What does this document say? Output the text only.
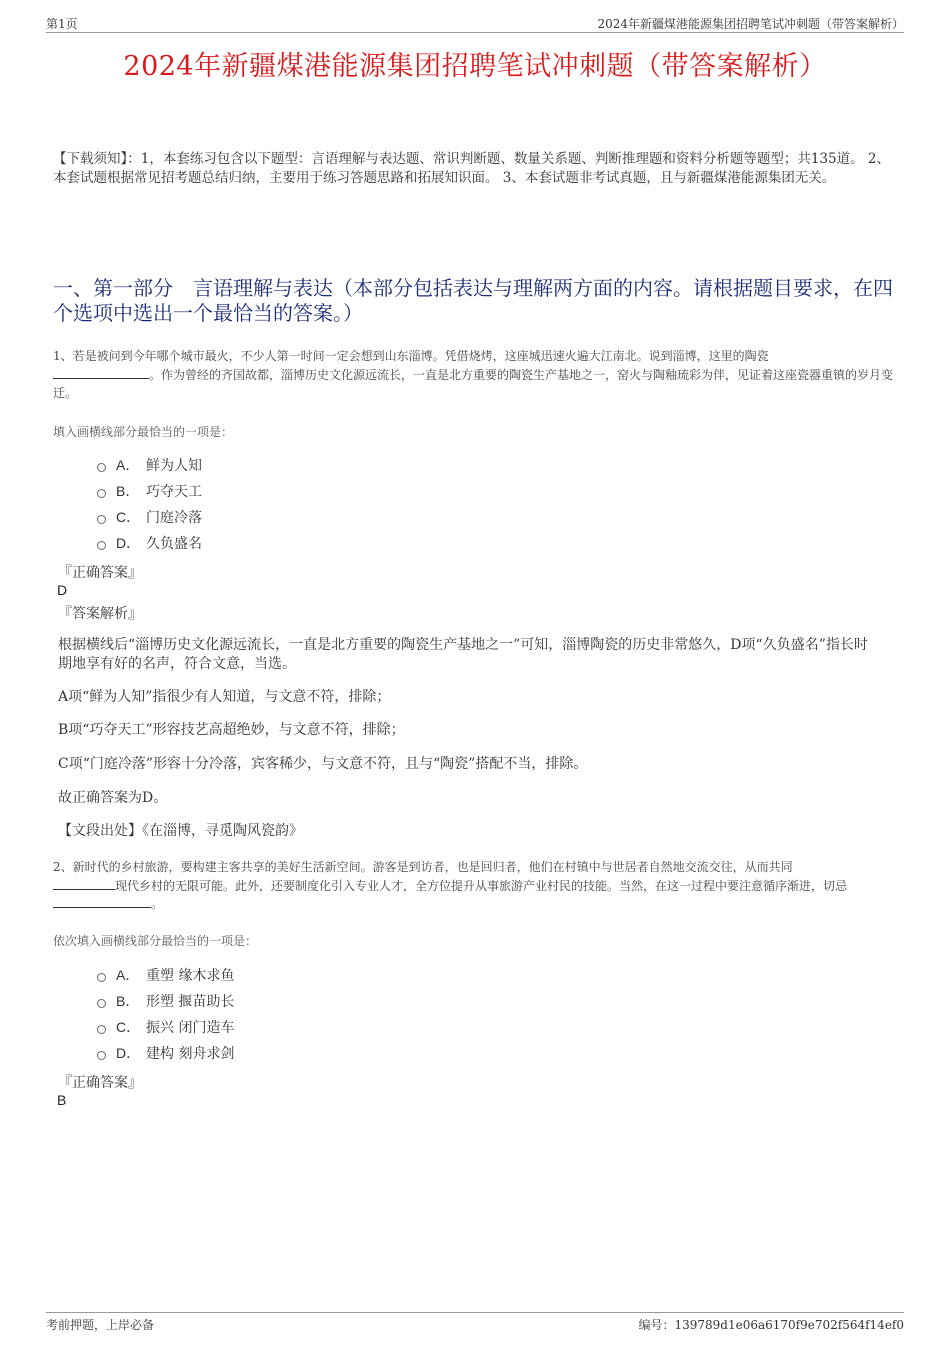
第1页	2024年新疆煤港能源集团招聘笔试冲刺题（带答案解析）
2024年新疆煤港能源集团招聘笔试冲刺题（带答案解析）
【下载须知】：1，本套练习包含以下题型：言语理解与表达题、常识判断题、数量关系题、判断推理题和资料分析题等题型；共135道。 2、本套试题根据常见招考题总结归纳，主要用于练习答题思路和拓展知识面。 3、本套试题非考试真题，且与新疆煤港能源集团无关。
一、第一部分　言语理解与表达（本部分包括表达与理解两方面的内容。请根据题目要求，在四个选项中选出一个最恰当的答案。）
1、若是被问到今年哪个城市最火，不少人第一时间一定会想到山东淄博。凭借烧烤，这座城迅速火遍大江南北。说到淄博，这里的陶瓷
。作为曾经的齐国故都，淄博历史文化源远流长，一直是北方重要的陶瓷生产基地之一，窑火与陶釉琉彩为伴，见证着这座瓷器重镇的岁月变迁。
填入画横线部分最恰当的一项是：
A． 鲜为人知
B． 巧夺天工
C． 门庭冷落
D． 久负盛名
『正确答案』
D
『答案解析』
根据横线后“淄博历史文化源远流长，一直是北方重要的陶瓷生产基地之一”可知，淄博陶瓷的历史非常悠久，D项“久负盛名”指长时期地享有好的名声，符合文意，当选。
A项“鲜为人知”指很少有人知道，与文意不符，排除；
B项“巧夺天工”形容技艺高超绝妙，与文意不符，排除；
C项“门庭冷落”形容十分冷落，宾客稀少，与文意不符，且与“陶瓷”搭配不当，排除。
故正确答案为D。
【文段出处】《在淄博，寻觅陶风瓷韵》
2、新时代的乡村旅游，要构建主客共享的美好生活新空间。游客是到访者，也是回归者，他们在村镇中与世居者自然地交流交往，从而共同
现代乡村的无限可能。此外，还要制度化引入专业人才，全方位提升从事旅游产业村民的技能。当然，在这一过程中要注意循序渐进，切忌 。
依次填入画横线部分最恰当的一项是：
A． 重塑 缘木求鱼
B． 形塑 揠苗助长
C． 振兴 闭门造车
D． 建构 刻舟求剑
『正确答案』
B
考前押题，上岸必备	编号：139789d1e06a6170f9e702f564f14ef0
